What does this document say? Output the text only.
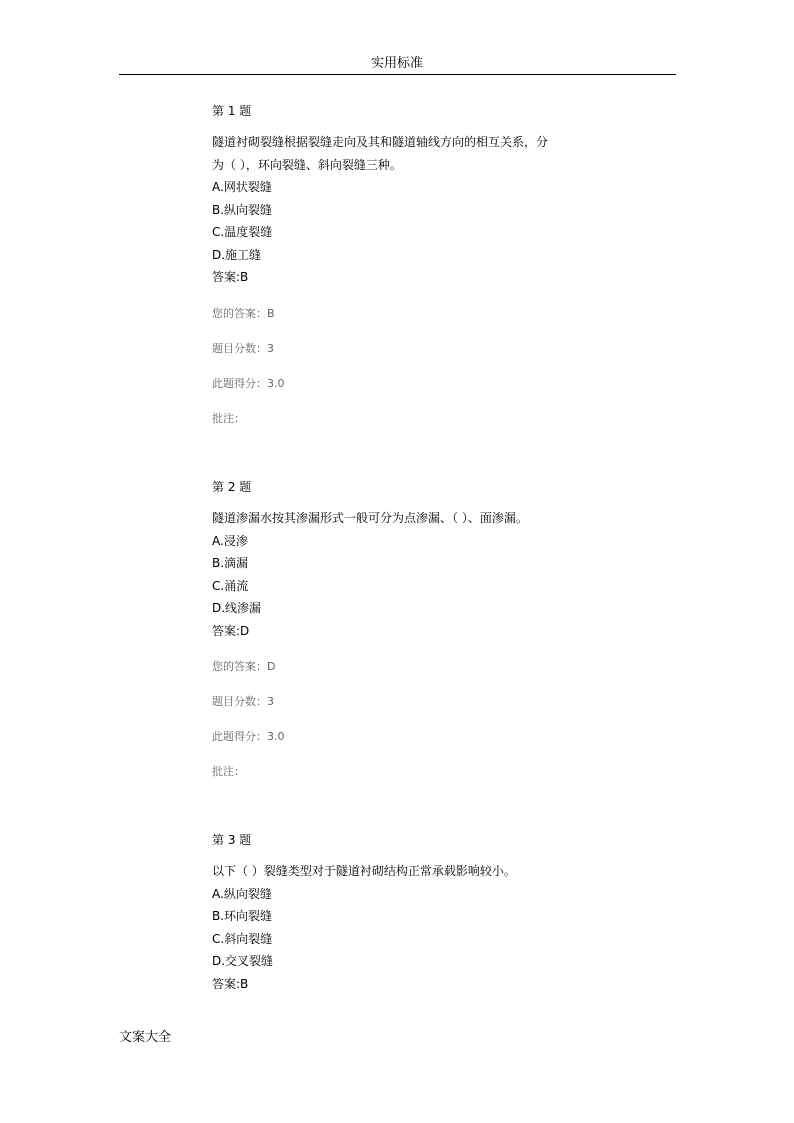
实用标准
第 1 题
隧道衬砌裂缝根据裂缝走向及其和隧道轴线方向的相互关系，分
为（ ），环向裂缝、斜向裂缝三种。
A.网状裂缝
B.纵向裂缝
C.温度裂缝
D.施工缝
答案:B
您的答案：B
题目分数：3
此题得分：3.0
批注：
第 2 题
隧道渗漏水按其渗漏形式一般可分为点渗漏、（ ）、面渗漏。
A.浸渗
B.滴漏
C.涌流
D.线渗漏
答案:D
您的答案：D
题目分数：3
此题得分：3.0
批注：
第 3 题
以下（ ）裂缝类型对于隧道衬砌结构正常承载影响较小。
A.纵向裂缝
B.环向裂缝
C.斜向裂缝
D.交叉裂缝
答案:B
文案大全
